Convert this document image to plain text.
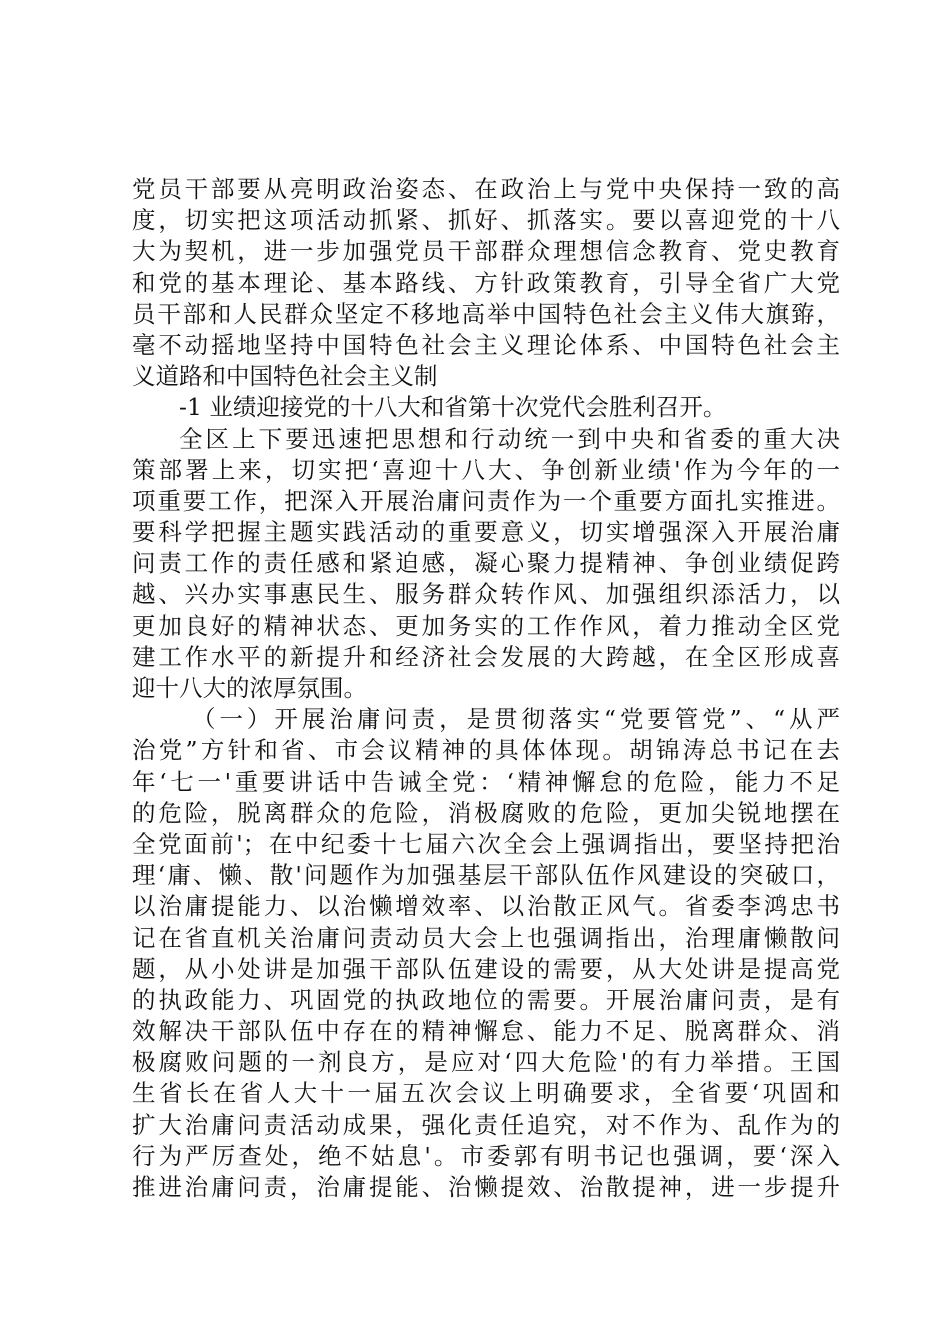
党员干部要从亮明政治姿态、在政治上与党中央保持一致的高
度，切实把这项活动抓紧、抓好、抓落实。要以喜迎党的十八
大为契机，进一步加强党员干部群众理想信念教育、党史教育
和党的基本理论、基本路线、方针政策教育，引导全省广大党
员干部和人民群众坚定不移地高举中国特色社会主义伟大旗臶，
毫不动摇地坚持中国特色社会主义理论体系、中国特色社会主
义道路和中国特色社会主义制
-1 业绩迎接党的十八大和省第十次党代会胜利召开。
全区上下要迅速把思想和行动统一到中央和省委的重大决
策部署上来，切实把‘喜迎十八大、争创新业绩'作为今年的一
项重要工作，把深入开展治庸问责作为一个重要方面扎实推进。
要科学把握主题实践活动的重要意义，切实增强深入开展治庸
问责工作的责任感和紧迫感，凝心聚力提精神、争创业绩促跨
越、兴办实事惠民生、服务群众转作风、加强组织添活力，以
更加良好的精神状态、更加务实的工作作风，着力推动全区党
建工作水平的新提升和经济社会发展的大跨越，在全区形成喜
迎十八大的浓厚氛围。
（一）开展治庸问责，是贯彻落实“党要管党”、“从严
治党”方针和省、市会议精神的具体体现。胡锦涛总书记在去
年‘七一'重要讲话中告诫全党：‘精神懈怠的危险，能力不足
的危险，脱离群众的危险，消极腐败的危险，更加尖锐地摆在
全党面前'；在中纪委十七届六次全会上强调指出，要坚持把治
理‘庸、懒、散'问题作为加强基层干部队伍作风建设的突破口，
以治庸提能力、以治懒增效率、以治散正风气。省委李鸿忠书
记在省直机关治庸问责动员大会上也强调指出，治理庸懒散问
题，从小处讲是加强干部队伍建设的需要，从大处讲是提高党
的执政能力、巩固党的执政地位的需要。开展治庸问责，是有
效解决干部队伍中存在的精神懈怠、能力不足、脱离群众、消
极腐败问题的一剂良方，是应对‘四大危险'的有力举措。王国
生省长在省人大十一届五次会议上明确要求，全省要‘巩固和
扩大治庸问责活动成果，强化责任追究，对不作为、乱作为的
行为严厉查处，绝不姑息'。市委郭有明书记也强调，要‘深入
推进治庸问责，治庸提能、治懒提效、治散提神，进一步提升
